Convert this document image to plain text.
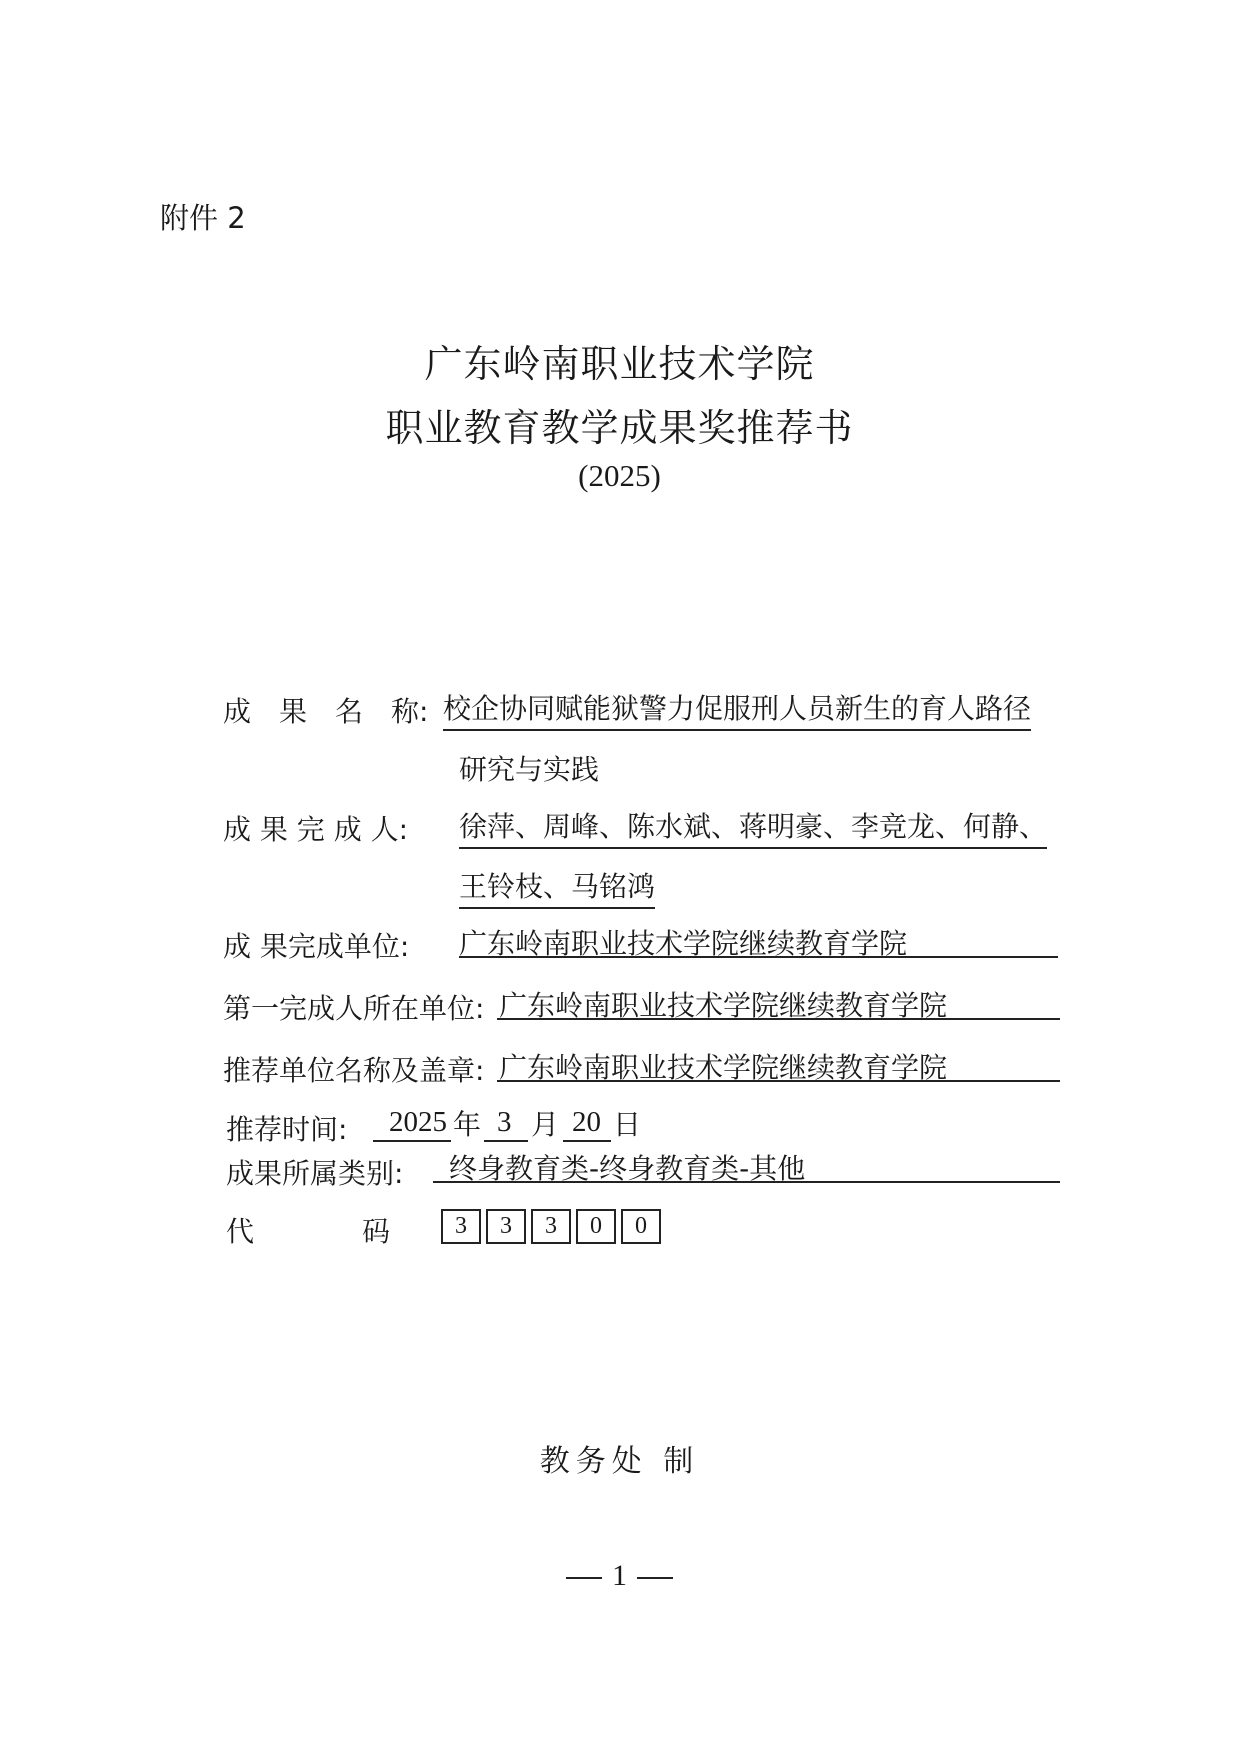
附件 2
广东岭南职业技术学院
职业教育教学成果奖推荐书
(2025)
成　果　名　称: 校企协同赋能狱警力促服刑人员新生的育人路径
研究与实践
成 果 完 成 人: 徐萍、周峰、陈水斌、蒋明豪、李竞龙、何静、
王铃枝、马铭鸿
成 果完成单位: 广东岭南职业技术学院继续教育学院
第一完成人所在单位: 广东岭南职业技术学院继续教育学院
推荐单位名称及盖章: 广东岭南职业技术学院继续教育学院
推荐时间: 2025 年 3 月 20 日
成果所属类别: 终身教育类-终身教育类-其他
代	码	3	3	3	0	0
教务处 制
1
